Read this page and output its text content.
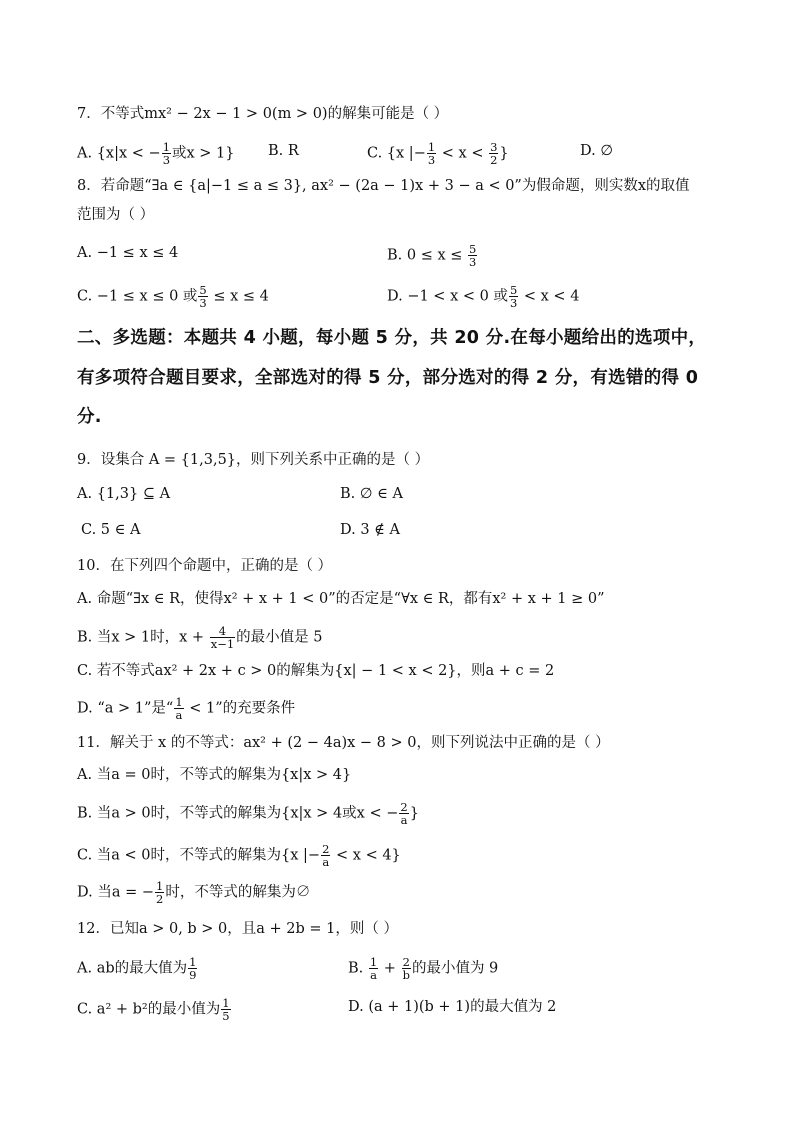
7．不等式mx² − 2x − 1 > 0(m > 0)的解集可能是（ ）
A. {x|x < − $\frac{1}{3}$ 或x > 1} B. R	C. {x |− $\frac{1}{3} < x < \frac{3}{2}$ }	D. ∅
8．若命题“∃a ∈ {a|−1 ≤ a ≤ 3}, ax² − (2a − 1)x + 3 − a < 0”为假命题，则实数x的取值
范围为（ ）
A. −1 ≤ x ≤ 4	B. $0 \le x \le \frac{5}{3}$
C. −1 ≤ x ≤ 0 或 $\frac{5}{3} \le x \le 4$	D. −1 < x < 0 或 $\frac{5}{3} < x < 4$
二、多选题：本题共 4 小题，每小题 5 分，共 20 分.在每小题给出的选项中，
有多项符合题目要求，全部选对的得 5 分，部分选对的得 2 分，有选错的得 0
分.
9．设集合 A = {1,3,5}，则下列关系中正确的是（ ）
A. {1,3} ⊆ A	B. ∅ ∈ A
C. 5 ∈ A	D. 3 ∉ A
10．在下列四个命题中，正确的是（ ）
A. 命题“∃x ∈ R，使得x² + x + 1 < 0”的否定是“∀x ∈ R，都有x² + x + 1 ≥ 0”
B. 当x > 1时，$x + \frac{4}{x-1}$ 的最小值是 5
C. 若不等式ax² + 2x + c > 0的解集为{x| − 1 < x < 2}，则a + c = 2
D. “a > 1”是“ $\frac{1}{a} < 1$”的充要条件
11．解关于 x 的不等式：ax² + (2 − 4a)x − 8 > 0，则下列说法中正确的是（ ）
A. 当a = 0时，不等式的解集为{x|x > 4}
B. 当a > 0时，不等式的解集为{x|x > 4或x < − $\frac{2}{a}$ }
C. 当a < 0时，不等式的解集为{x |− $\frac{2}{a} < x < 4$}
D. 当a = − $\frac{1}{2}$ 时，不等式的解集为∅
12．已知a > 0, b > 0，且a + 2b = 1，则（ ）
A. ab的最大值为 $\frac{1}{9}$	B. $\frac{1}{a} + \frac{2}{b}$ 的最小值为 9
C. a² + b²的最小值为 $\frac{1}{5}$	D. (a + 1)(b + 1)的最大值为 2
